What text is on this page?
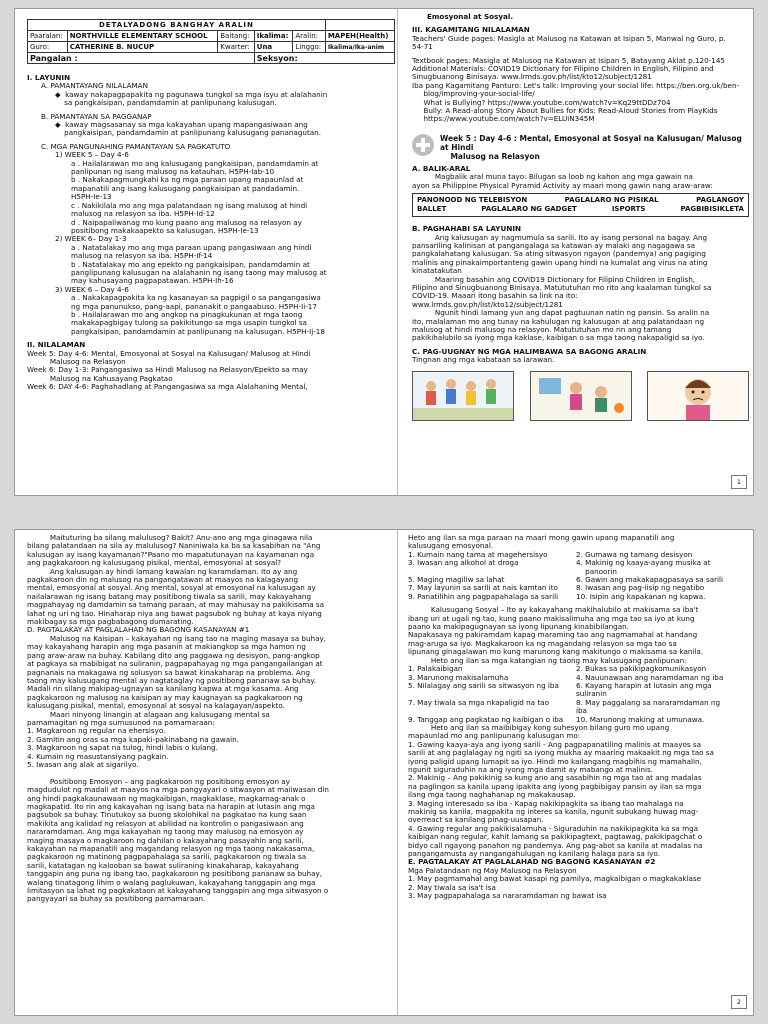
DETALYADONG BANGHAY ARALIN					
Paaralan:	NORTHVILLE ELEMENTARY SCHOOL	Baitang:	Ikalima:	Aralin:	MAPEH(Health)
Guro:	CATHERINE B. NUCUP	Kwarter:	Una	Linggo:	Ikalima/Ika-anim
Pangalan :			Seksyon:		

I. LAYUNIN

A. PAMANTAYANG NILALAMAN

◆  kaway nakapagpapakita ng pagunawa tungkol sa mga isyu at alalahanin
sa pangkaisipan, pandamdamin at panlipunang kalusugan.

B. PAMANTAYAN SA PAGGANAP

◆  kaway magsasanay sa mga kakayahan upang mapangasiwaan ang
pangkaisipan, pandamdamin at panlipunang kalusugang pananagutan.

C. MGA PANGUNAHING PAMANTAYAN SA PAGKATUTO

1) WEEK 5 – Day 4-6

a . Hailalarawan mo ang kalusugang pangkaisipan, pandamdamin at
panlipunan ng isang malusog na katauhan. H5PH-Iab-10
b . Nakakapagmungkahi ka ng mga paraan upang mapaunlad at
mapanatili ang isang kalusugang pangkaisipan at pandadamin.
H5PH-Ie-13
c . Nakikilala mo ang mga palatandaan ng isang malusog at hindi
malusog na relasyon sa iba. H5PH-Id-12
d . Naipapaliwanag mo kung paano ang malusog na relasyon ay
positibong makakaapekto sa kalusugan. H5PH-Ie-13

2) WEEK 6– Day 1-3

a . Natatalakay mo ang mga paraan upang pangasiwaan ang hindi
malusog na relasyon sa iba. H5PH-If-14
b . Natatalakay mo ang epekto ng pangkaisipan, pandamdamin at
panglipunang kalusugan na alalahanin ng isang taong may malusog at
may kahusayang pagpapatawan. H5PH-Ih-16

3) WEEK 6 – Day 4-6

a . Nakakapagpakita ka ng kasanayan sa pagpigil o sa pangangasiwa
ng mga panunukso, pang-aapi, pananakit o pangaabuso. H5PH-Ii-17
b . Hailalarawan mo ang angkop na pinagkukunan at mga taong
makakapagbigay tulong sa pakikitungo sa mga usapin tungkol sa
pangkaisipan, pandamdamin at panlipunang na kalusugan. H5PH-Ij-18

II. NILALAMAN

Week 5: Day 4-6: Mental, Emosyonal at Sosyal na Kalusugan/ Malusog at Hindi
Malusog na Relasyon
Week 6: Day 1-3: Pangangasiwa sa Hindi Malusog na Relasyon/Epekto sa may
Malusog na Kahusayang Pagkatao
Week 6: DAY 4-6: Paghahadlang at Pangangasiwa sa mga Alalahaning Mental,

Emosyonal at Sosyal.

III. KAGAMITANG NILALAMAN

Teachers' Guide pages: Masigla at Malusog na Katawan at Isipan 5, Manwal ng Guro, p.
54-71

Textbook pages: Masigla at Malusog na Katawan at Isipan 5, Batayang Aklat p.120-145
Additional Materials: COVID19 Dictionary for Filipino Children in English, Filipino and
Sinugbuanong Binisaya. www.lrmds.gov.ph/list/kto12/subject/1281
Iba pang Kagamitang Panturo: Let's talk: Improving your social life: https://ben.org.uk/ben-
blog/improving-your-social-life/
What is Bullying? https://www.youtube.com/watch?v=Kq29ttDDz704
Bully: A Read-along Story About Bullies for Kids: Read-Aloud Stories from PlayKids
https://www.youtube.com/watch?v=ELUiN345M

Week 5 : Day 4-6 : Mental, Emosyonal at Sosyal na Kalusugan/ Malusog at Hindi
Malusog na Relasyon

A. BALIK-ARAL

Magbalik aral muna tayo: Bilugan sa loob ng kahon ang mga gawain na
ayon sa Philippine Physical Pyramid Activity ay maari mong gawin nang araw-araw:

PANONOOD NG TELEBISYON	PAGLALARO NG PISIKAL	PAGLANGOY
BALLET	PAGLALARO NG GADGET	ISPORTS	PAGBIBISIKLETA

B. PAGHAHABI SA LAYUNIN

Ang kalusugan ay nagmumula sa sarili. Ito ay isang personal na bagay. Ang
pansariling kalinisan at pangangalaga sa katawan ay malaki ang nagagawa sa
pangkalahatang kalusugan. Sa ating sitwasyon ngayon (pandemya) ang pagiging
malinis ang pinakaimportanteng gawin upang hindi na kumalat ang virus na ating
kinatatakutan
Maaring basahin ang COVID19 Dictionary for Filipino Children in English,
Filipino and Sinugbuanong Binisaya. Matututuhan mo rito ang kaalaman tungkol sa
COVID-19. Maaari itong basahin sa link na ito:
www.lrmds.gov.ph/list/kto12/subject/1281
Ngunit hindi lamang yun ang dapat pagtuunan natin ng pansin. Sa aralin na
ito, malalaman mo ang tunay na kahulugan ng kalusugan at ang palatandaan ng
malusog at hindi malusog na relasyon. Matututuhan mo rin ang tamang
pakikihalubilo sa iyong mga kaklase, kaibigan o sa mga taong nakapaligid sa iyo.

C. PAG-UUGNAY NG MGA HALIMBAWA SA BAGONG ARALIN

Tingnan ang mga kabataan sa larawan.

1

Maituturing ba silang malulusog? Bakit? Anu-ano ang mga ginagawa nila
bilang palatandaan na sila ay malulusog? Naniniwala ka ba sa kasabihan na "Ang
kalusugan ay isang kayamanan?"Paano mo mapatutunayan na kayamanan nga
ang pagkakaroon ng kalusugang pisikal, mental, emosyonal at sosyal?
Ang kalusugan ay hindi lamang kawalan ng karamdaman. Ito ay ang
pagkakaroon din ng malusog na pangangatawan at maayos na kalagayang
mental, emosyonal at sosyal. Ang mental, sosyal at emosyonal na kalusugan ay
nailalarawan ng isang batang may positibong tiwala sa sarili, may kakayahang
magpahayag ng damdamin sa tamang paraan, at may mahusay na pakikisama sa
lahat ng uri ng tao. Hinaharap niya ang bawat pagsubok ng buhay at kaya niyang
makibagay sa mga pagbabagong dumarating.
D. PAGTALAKAY AT PAGLALAHAD NG BAGONG KASANAYAN #1
Malusog na Kaisipan – kakayahan ng isang tao na maging masaya sa buhay,
may kakayahang harapin ang mga pasanin at makiangkop sa mga hamon ng
pang araw-araw na buhay. Kabilang dito ang paggawa ng desisyon, pang-angkop
at pagkaya sa mabibigat na suliranin, pagpapahayag ng mga pangangailangan at
pagnanais na makagawa ng solusyon sa bawat kinakaharap na problema. Ang
taong may kalusugang mental ay nagtataglay ng positibong pananaw sa buhay.
Madali rin silang makipag-ugnayan sa kanilang kapwa at mga kasama. Ang
pagkakaroon ng malusog na kaisipan ay may kaugnayan sa pagkakaroon ng
kalusugang pisikal, mental, emosyonal at sosyal na kalagayan/aspekto.
Maari ninyong linangin at alagaan ang kalusugang mental sa
pamamagitan ng mga sumusunod na pamamaraan:
1. Magkaroon ng regular na ehersisyo.
2. Gamitin ang oras sa mga kapaki-pakinabang na gawain.
3. Magkaroon ng sapat na tulog, hindi labis o kulang.
4. Kumain ng masustansiyang pagkain.
5. Iwasan ang alak at sigarilyo.

Positibong Emosyon – ang pagkakaroon ng positibong emosyon ay
magdudulot ng madali at maayos na mga pangyayari o sitwasyon at maiiwasan din
ang hindi pagkakaunawaan ng magkaibigan, magkaklase, magkamag-anak o
magkapatid. Ito rin ang kakayahan ng isang bata na harapin at lutasin ang mga
pagsubok sa buhay. Tinutukoy sa buong skolohikal na pagkatao na kung saan
makikita ang kalidad ng relasyon at abilidad na kontrolin o pangasiwaan ang
nararamdaman. Ang mga kakayahan ng taong may malusog na emosyon ay
maging masaya o magkaroon ng dahilan o kakayahang pasayahin ang sarili,
kakayahan na mapanatili ang magandang relasyon ng mga taong nakakasama,
pagkakaroon ng matinong pagpapahalaga sa sarili, pagkakaroon ng tiwala sa
sarili, katatagan ng kalooban sa bawat suliraning kinakaharap, kakayahang
tanggapin ang puna ng ibang tao, pagkakaroon ng positibong pananaw sa buhay,
walang tinatagong lihim o walang paglukuwan, kakayahang tanggapin ang mga
limitasyon sa lahat ng pagkakataon at kakayahang tanggapin ang mga sitwasyon o
pangyayari sa buhay sa positibong pamamaraan.

Heto ang ilan sa mga paraan na maari mong gawin upang mapanatili ang
kalusugang emosyonal.

1. Kumain nang tama at magehersisyo	2. Gumawa ng tamang desisyon

3. Iwasan ang alkohol at droga	4. Makinig ng kaaya-ayang musika at
panoorin

5. Maging magiliw sa lahat	6. Gawin ang makakapagpasaya sa sarili

7. May layunin sa sarili at nais kamtan ito	8. Iwasan ang pag-iisip ng negatibo

9. Panatilihin ang pagpapahalaga sa sarili	10. Isipin ang kapakanan ng kapwa.

Kalusugang Sosyal – Ito ay kakayahang makihalubilo at makisama sa iba't
ibang uri at ugali ng tao, kung paano makisalimuha ang mga tao sa iyo at kung
paano ka makipagugnayan sa iyong lipunang kinabibilangan.
Napakasaya ng pakiramdam kapag maraming tao ang nagmamahal at handang
mag-aruga sa iyo. Magkakaroon ka ng magandang relasyon sa mga tao sa
lipunang ginagalawan mo kung marunong kang makitungo o makisama sa kanila.
Heto ang ilan sa mga katangian ng taong may kalusugang panlipunan:

1. Palakaibigan	2. Bukas sa pakikipagkomunikasyon

3. Marunong makisalamuha	4. Nauunawaan ang naramdaman ng iba

5. Nilalagay ang sarili sa sitwasyon ng iba	6. Kayang harapin at lutasin ang mga
suliranin

7. May tiwala sa mga nkapaligid na tao	8. May paggalang sa nararamdaman ng
iba

9. Tanggap ang pagkatao ng kaibigan o iba	10. Marunong making at umunawa.

Heto ang ilan sa maibibigay kong suhesyon bilang guro mo upang
mapaunlad mo ang panlipunang kalusugan mo:
1. Gawing kaaya-aya ang iyong sarili - Ang pagpapanatiling malinis at maayos sa
sarili at ang paglalagay ng ngiti sa iyong mukha ay maaring makaakit ng mga tao sa
iyong paligid upang lumapit sa iyo. Hindi mo kailangang magbihis ng mamahalin,
ngunit siguraduhin na ang iyong mga damit ay mabango at malinis.
2. Makinig – Ang pakikinig sa kung ano ang sasabihin ng mga tao at ang madalas
na paglingon sa kanila upang ipakita ang iyong pagbibigay pansin ay ilan sa mga
ilang mga taong naghahanap ng makakausap.
3. Maging interesado sa iba - Kapag nakikipagkita sa ibang tao mahalaga na
makinig sa kanila, magpakita ng interes sa kanila, ngunit subukang huwag mag-
overreact sa kanilang pinag-uusapan.
4. Gawing regular ang pakikisalamuha - Siguraduhin na nakikipagkita ka sa mga
kaibigan nang regular, kahit lamang sa pakikipagtext, pagtawag, pakikipagchat o
bidyo call ngayong panahon ng pandemya. Ang pag-abot sa kanila at madalas na
pangangamusta ay nangangahulugan ng kanilang halaga para sa iyo.

E. PAGTALAKAY AT PAGLALAHAD NG BAGONG KASANAYAN #2

Mga Palatandaan ng May Malusog na Relasyon

1. May pagmamahal ang bawat kasapi ng pamilya, magkaibigan o magkakaklase
2. May tiwala sa isa't isa
3. May pagpapahalaga sa nararamdaman ng bawat isa

2
